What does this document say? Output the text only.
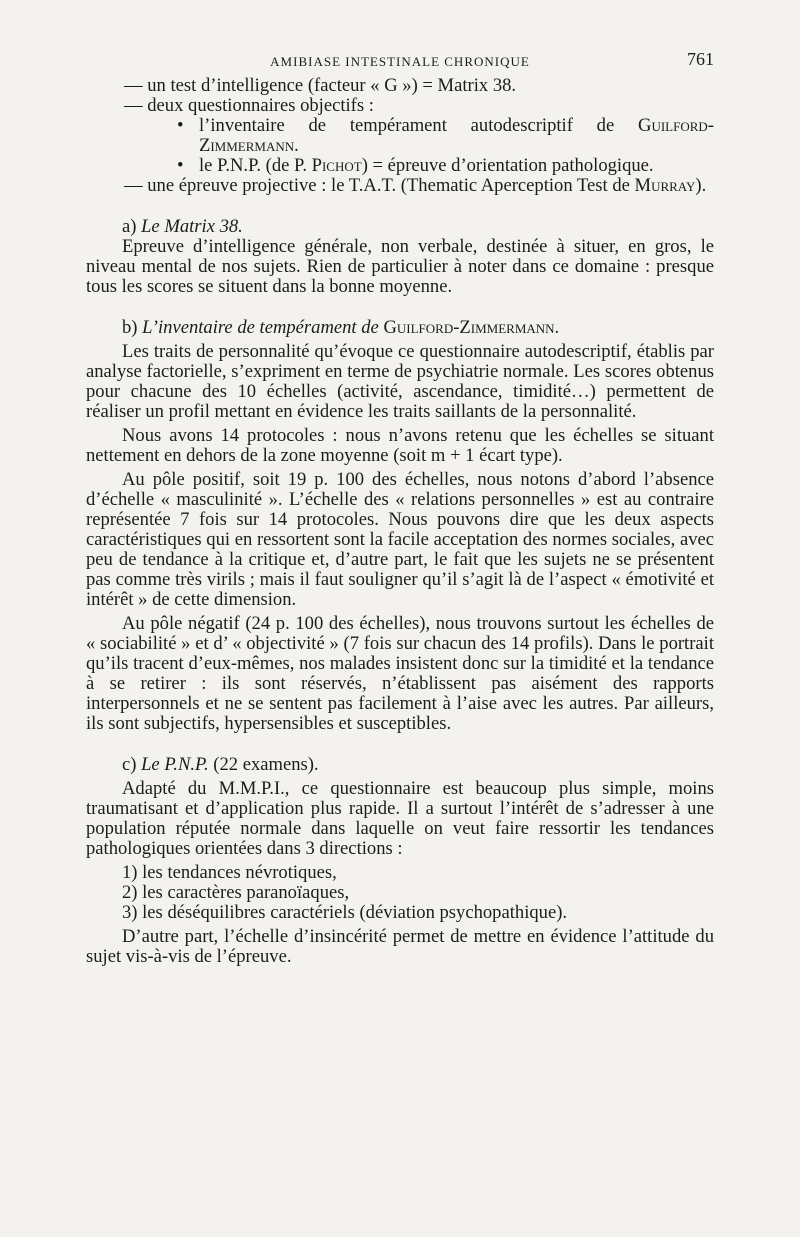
AMIBIASE INTESTINALE CHRONIQUE	761

— un test d’intelligence (facteur « G ») = Matrix 38.

— deux questionnaires objectifs :

• l’inventaire de tempérament autodescriptif de Guilford-Zimmermann.

• le P.N.P. (de P. Pichot) = épreuve d’orientation pathologique.

— une épreuve projective : le T.A.T. (Thematic Aperception Test de Murray).

a) Le Matrix 38.

Epreuve d’intelligence générale, non verbale, destinée à situer, en gros, le niveau mental de nos sujets. Rien de particulier à noter dans ce domaine : presque tous les scores se situent dans la bonne moyenne.

b) L’inventaire de tempérament de Guilford-Zimmermann.

Les traits de personnalité qu’évoque ce questionnaire autodescriptif, établis par analyse factorielle, s’expriment en terme de psychiatrie normale. Les scores obtenus pour chacune des 10 échelles (activité, ascendance, timidité…) permettent de réaliser un profil mettant en évidence les traits saillants de la personnalité.

Nous avons 14 protocoles : nous n’avons retenu que les échelles se situant nettement en dehors de la zone moyenne (soit m + 1 écart type).

Au pôle positif, soit 19 p. 100 des échelles, nous notons d’abord l’absence d’échelle « masculinité ». L’échelle des « relations personnelles » est au contraire représentée 7 fois sur 14 protocoles. Nous pouvons dire que les deux aspects caractéristiques qui en ressortent sont la facile acceptation des normes sociales, avec peu de tendance à la critique et, d’autre part, le fait que les sujets ne se présentent pas comme très virils ; mais il faut souligner qu’il s’agit là de l’aspect « émotivité et intérêt » de cette dimension.

Au pôle négatif (24 p. 100 des échelles), nous trouvons surtout les échelles de « sociabilité » et d’ « objectivité » (7 fois sur chacun des 14 profils). Dans le portrait qu’ils tracent d’eux-mêmes, nos malades insistent donc sur la timidité et la tendance à se retirer : ils sont réservés, n’établissent pas aisément des rapports interpersonnels et ne se sentent pas facilement à l’aise avec les autres. Par ailleurs, ils sont subjectifs, hypersensibles et susceptibles.

c) Le P.N.P. (22 examens).

Adapté du M.M.P.I., ce questionnaire est beaucoup plus simple, moins traumatisant et d’application plus rapide. Il a surtout l’intérêt de s’adresser à une population réputée normale dans laquelle on veut faire ressortir les tendances pathologiques orientées dans 3 directions :

1) les tendances névrotiques,

2) les caractères paranoïaques,

3) les déséquilibres caractériels (déviation psychopathique).

D’autre part, l’échelle d’insincérité permet de mettre en évidence l’attitude du sujet vis-à-vis de l’épreuve.
